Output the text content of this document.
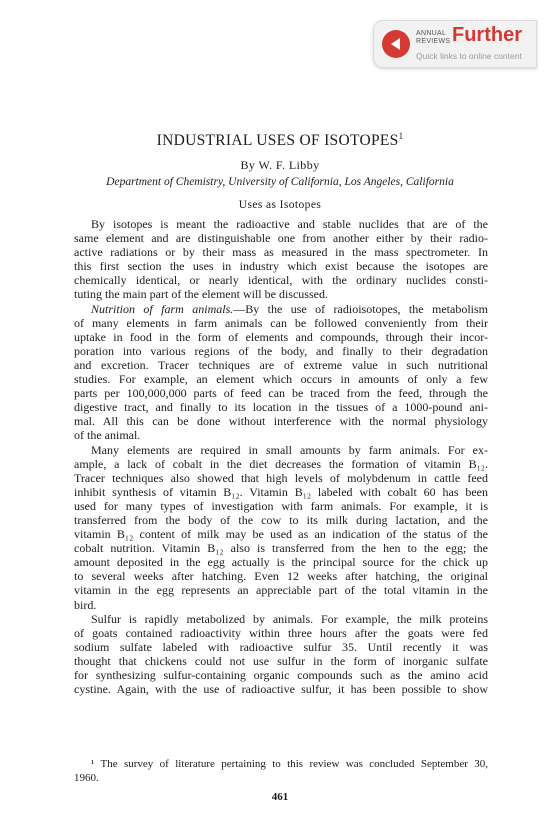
ANNUAL
REVIEWS Further
Quick links to online content
INDUSTRIAL USES OF ISOTOPES$^1$
By W. F. Libby
Department of Chemistry, University of California, Los Angeles, California
Uses as Isotopes
By isotopes is meant the radioactive and stable nuclides that are of the
same element and are distinguishable one from another either by their radio-
active radiations or by their mass as measured in the mass spectrometer. In
this first section the uses in industry which exist because the isotopes are
chemically identical, or nearly identical, with the ordinary nuclides consti-
tuting the main part of the element will be discussed.
Nutrition of farm animals.—By the use of radioisotopes, the metabolism
of many elements in farm animals can be followed conveniently from their
uptake in food in the form of elements and compounds, through their incor-
poration into various regions of the body, and finally to their degradation
and excretion. Tracer techniques are of extreme value in such nutritional
studies. For example, an element which occurs in amounts of only a few
parts per 100,000,000 parts of feed can be traced from the feed, through the
digestive tract, and finally to its location in the tissues of a 1000-pound ani-
mal. All this can be done without interference with the normal physiology
of the animal.
Many elements are required in small amounts by farm animals. For ex-
ample, a lack of cobalt in the diet decreases the formation of vitamin B₁₂.
Tracer techniques also showed that high levels of molybdenum in cattle feed
inhibit synthesis of vitamin B₁₂. Vitamin B₁₂ labeled with cobalt 60 has been
used for many types of investigation with farm animals. For example, it is
transferred from the body of the cow to its milk during lactation, and the
vitamin B₁₂ content of milk may be used as an indication of the status of the
cobalt nutrition. Vitamin B₁₂ also is transferred from the hen to the egg; the
amount deposited in the egg actually is the principal source for the chick up
to several weeks after hatching. Even 12 weeks after hatching, the original
vitamin in the egg represents an appreciable part of the total vitamin in the
bird.
Sulfur is rapidly metabolized by animals. For example, the milk proteins
of goats contained radioactivity within three hours after the goats were fed
sodium sulfate labeled with radioactive sulfur 35. Until recently it was
thought that chickens could not use sulfur in the form of inorganic sulfate
for synthesizing sulfur-containing organic compounds such as the amino acid
cystine. Again, with the use of radioactive sulfur, it has been possible to show
¹ The survey of literature pertaining to this review was concluded September 30,
1960.
461
